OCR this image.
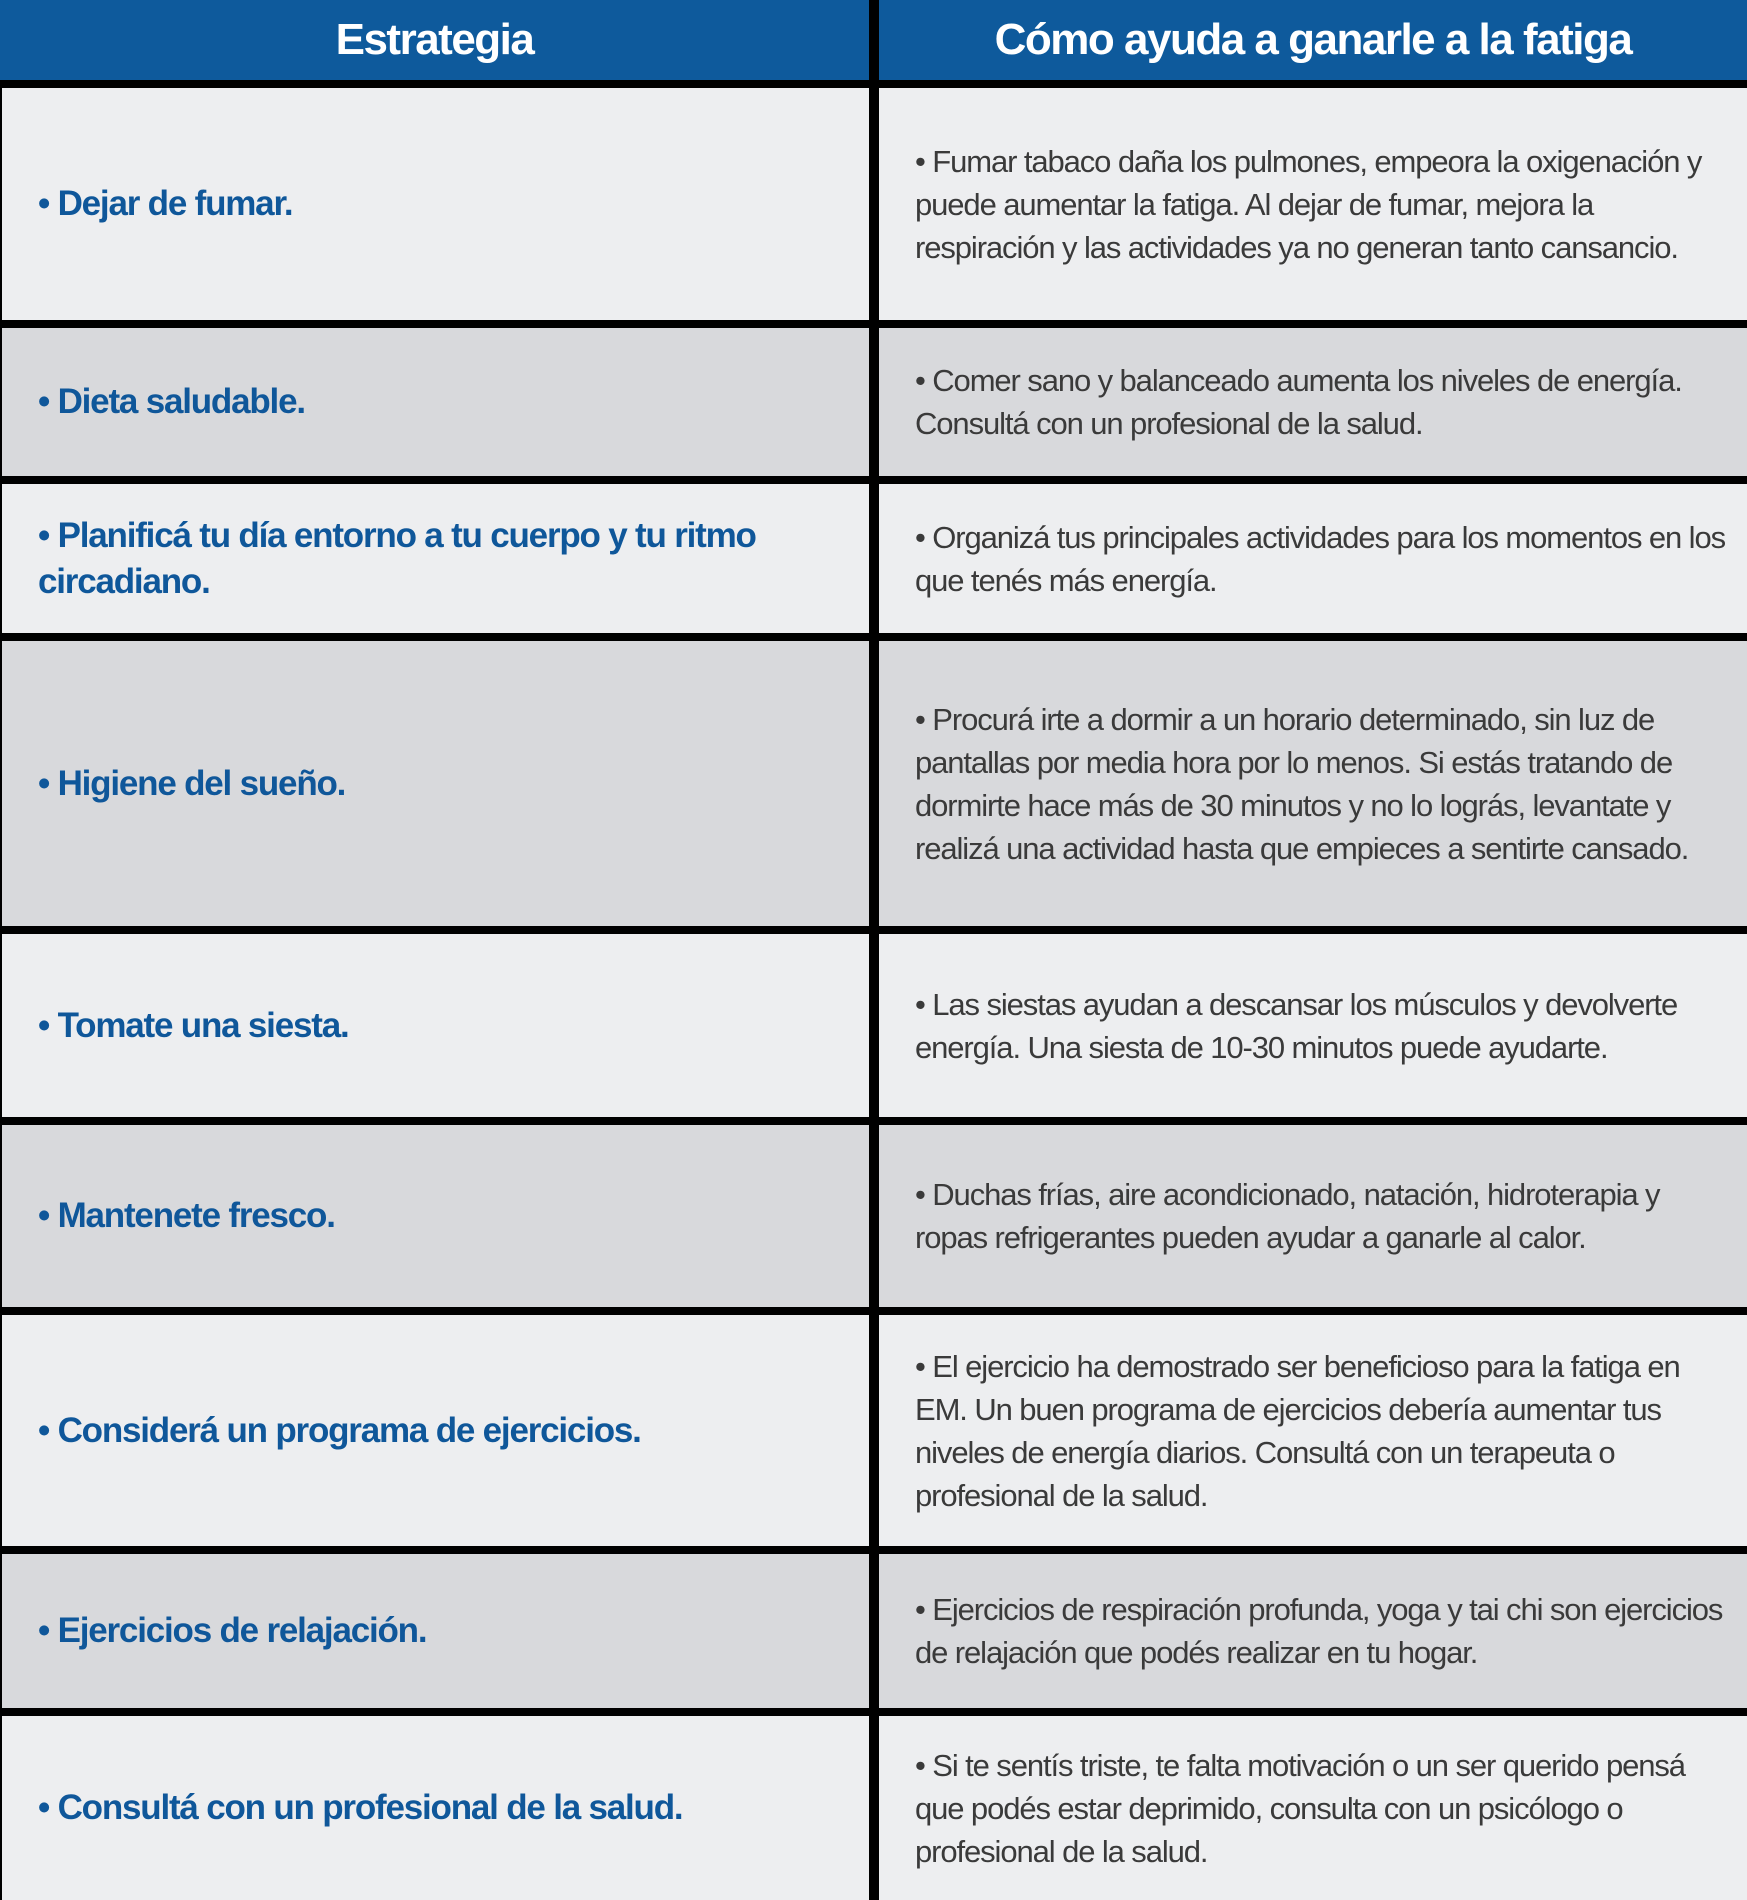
Estrategia	Cómo ayuda a ganarle a la fatiga
• Dejar de fumar.
• Fumar tabaco daña los pulmones, empeora la oxigenación y puede aumentar la fatiga. Al dejar de fumar, mejora la respiración y las actividades ya no generan tanto cansancio.
• Dieta saludable.
• Comer sano y balanceado aumenta los niveles de energía. Consultá con un profesional de la salud.
• Planificá tu día entorno a tu cuerpo y tu ritmo circadiano.
• Organizá tus principales actividades para los momentos en los que tenés más energía.
• Higiene del sueño.
• Procurá irte a dormir a un horario determinado, sin luz de pantallas por media hora por lo menos. Si estás tratando de dormirte hace más de 30 minutos y no lo lográs, levantate y realizá una actividad hasta que empieces a sentirte cansado.
• Tomate una siesta.
• Las siestas ayudan a descansar los músculos y devolverte energía. Una siesta de 10-30 minutos puede ayudarte.
• Mantenete fresco.
• Duchas frías, aire acondicionado, natación, hidroterapia y ropas refrigerantes pueden ayudar a ganarle al calor.
• Considerá un programa de ejercicios.
• El ejercicio ha demostrado ser beneficioso para la fatiga en EM. Un buen programa de ejercicios debería aumentar tus niveles de energía diarios. Consultá con un terapeuta o profesional de la salud.
• Ejercicios de relajación.
• Ejercicios de respiración profunda, yoga y tai chi son ejercicios de relajación que podés realizar en tu hogar.
• Consultá con un profesional de la salud.
• Si te sentís triste, te falta motivación o un ser querido pensá que podés estar deprimido, consulta con un psicólogo o profesional de la salud.
